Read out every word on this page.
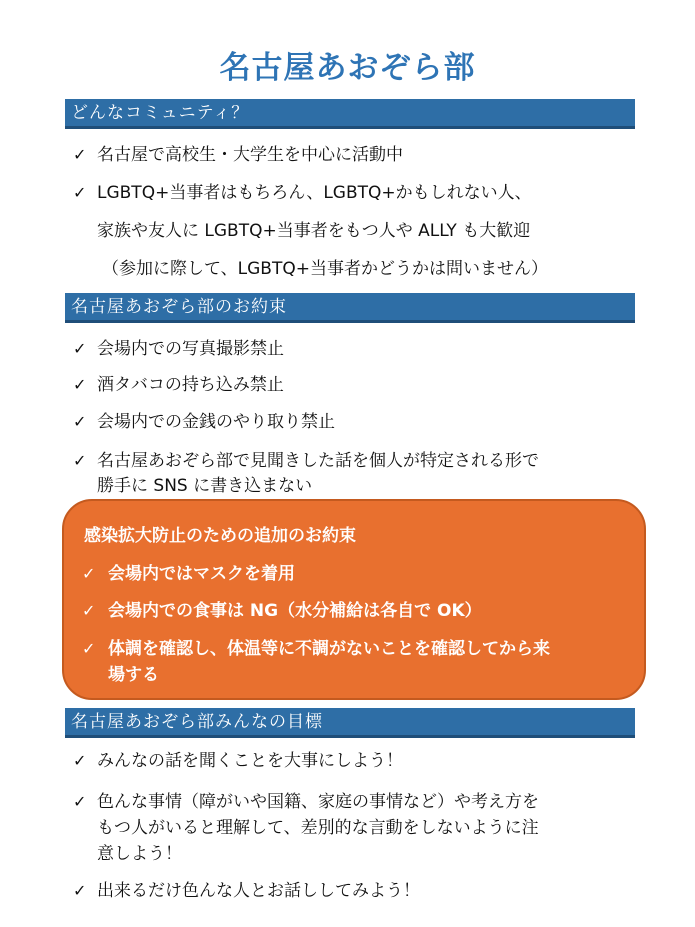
名古屋あおぞら部
どんなコミュニティ？
✓ 名古屋で高校生・大学生を中心に活動中
✓ LGBTQ+当事者はもちろん、LGBTQ+かもしれない人、
家族や友人に LGBTQ+当事者をもつ人や ALLY も大歓迎
（参加に際して、LGBTQ+当事者かどうかは問いません）
名古屋あおぞら部のお約束
✓ 会場内での写真撮影禁止
✓ 酒タバコの持ち込み禁止
✓ 会場内での金銭のやり取り禁止
✓ 名古屋あおぞら部で見聞きした話を個人が特定される形で
勝手に SNS に書き込まない
感染拡大防止のための追加のお約束
✓ 会場内ではマスクを着用
✓ 会場内での食事は NG（水分補給は各自で OK）
✓ 体調を確認し、体温等に不調がないことを確認してから来
場する
名古屋あおぞら部みんなの目標
✓ みんなの話を聞くことを大事にしよう！
✓ 色んな事情（障がいや国籍、家庭の事情など）や考え方を
もつ人がいると理解して、差別的な言動をしないように注
意しよう！
✓ 出来るだけ色んな人とお話ししてみよう！
